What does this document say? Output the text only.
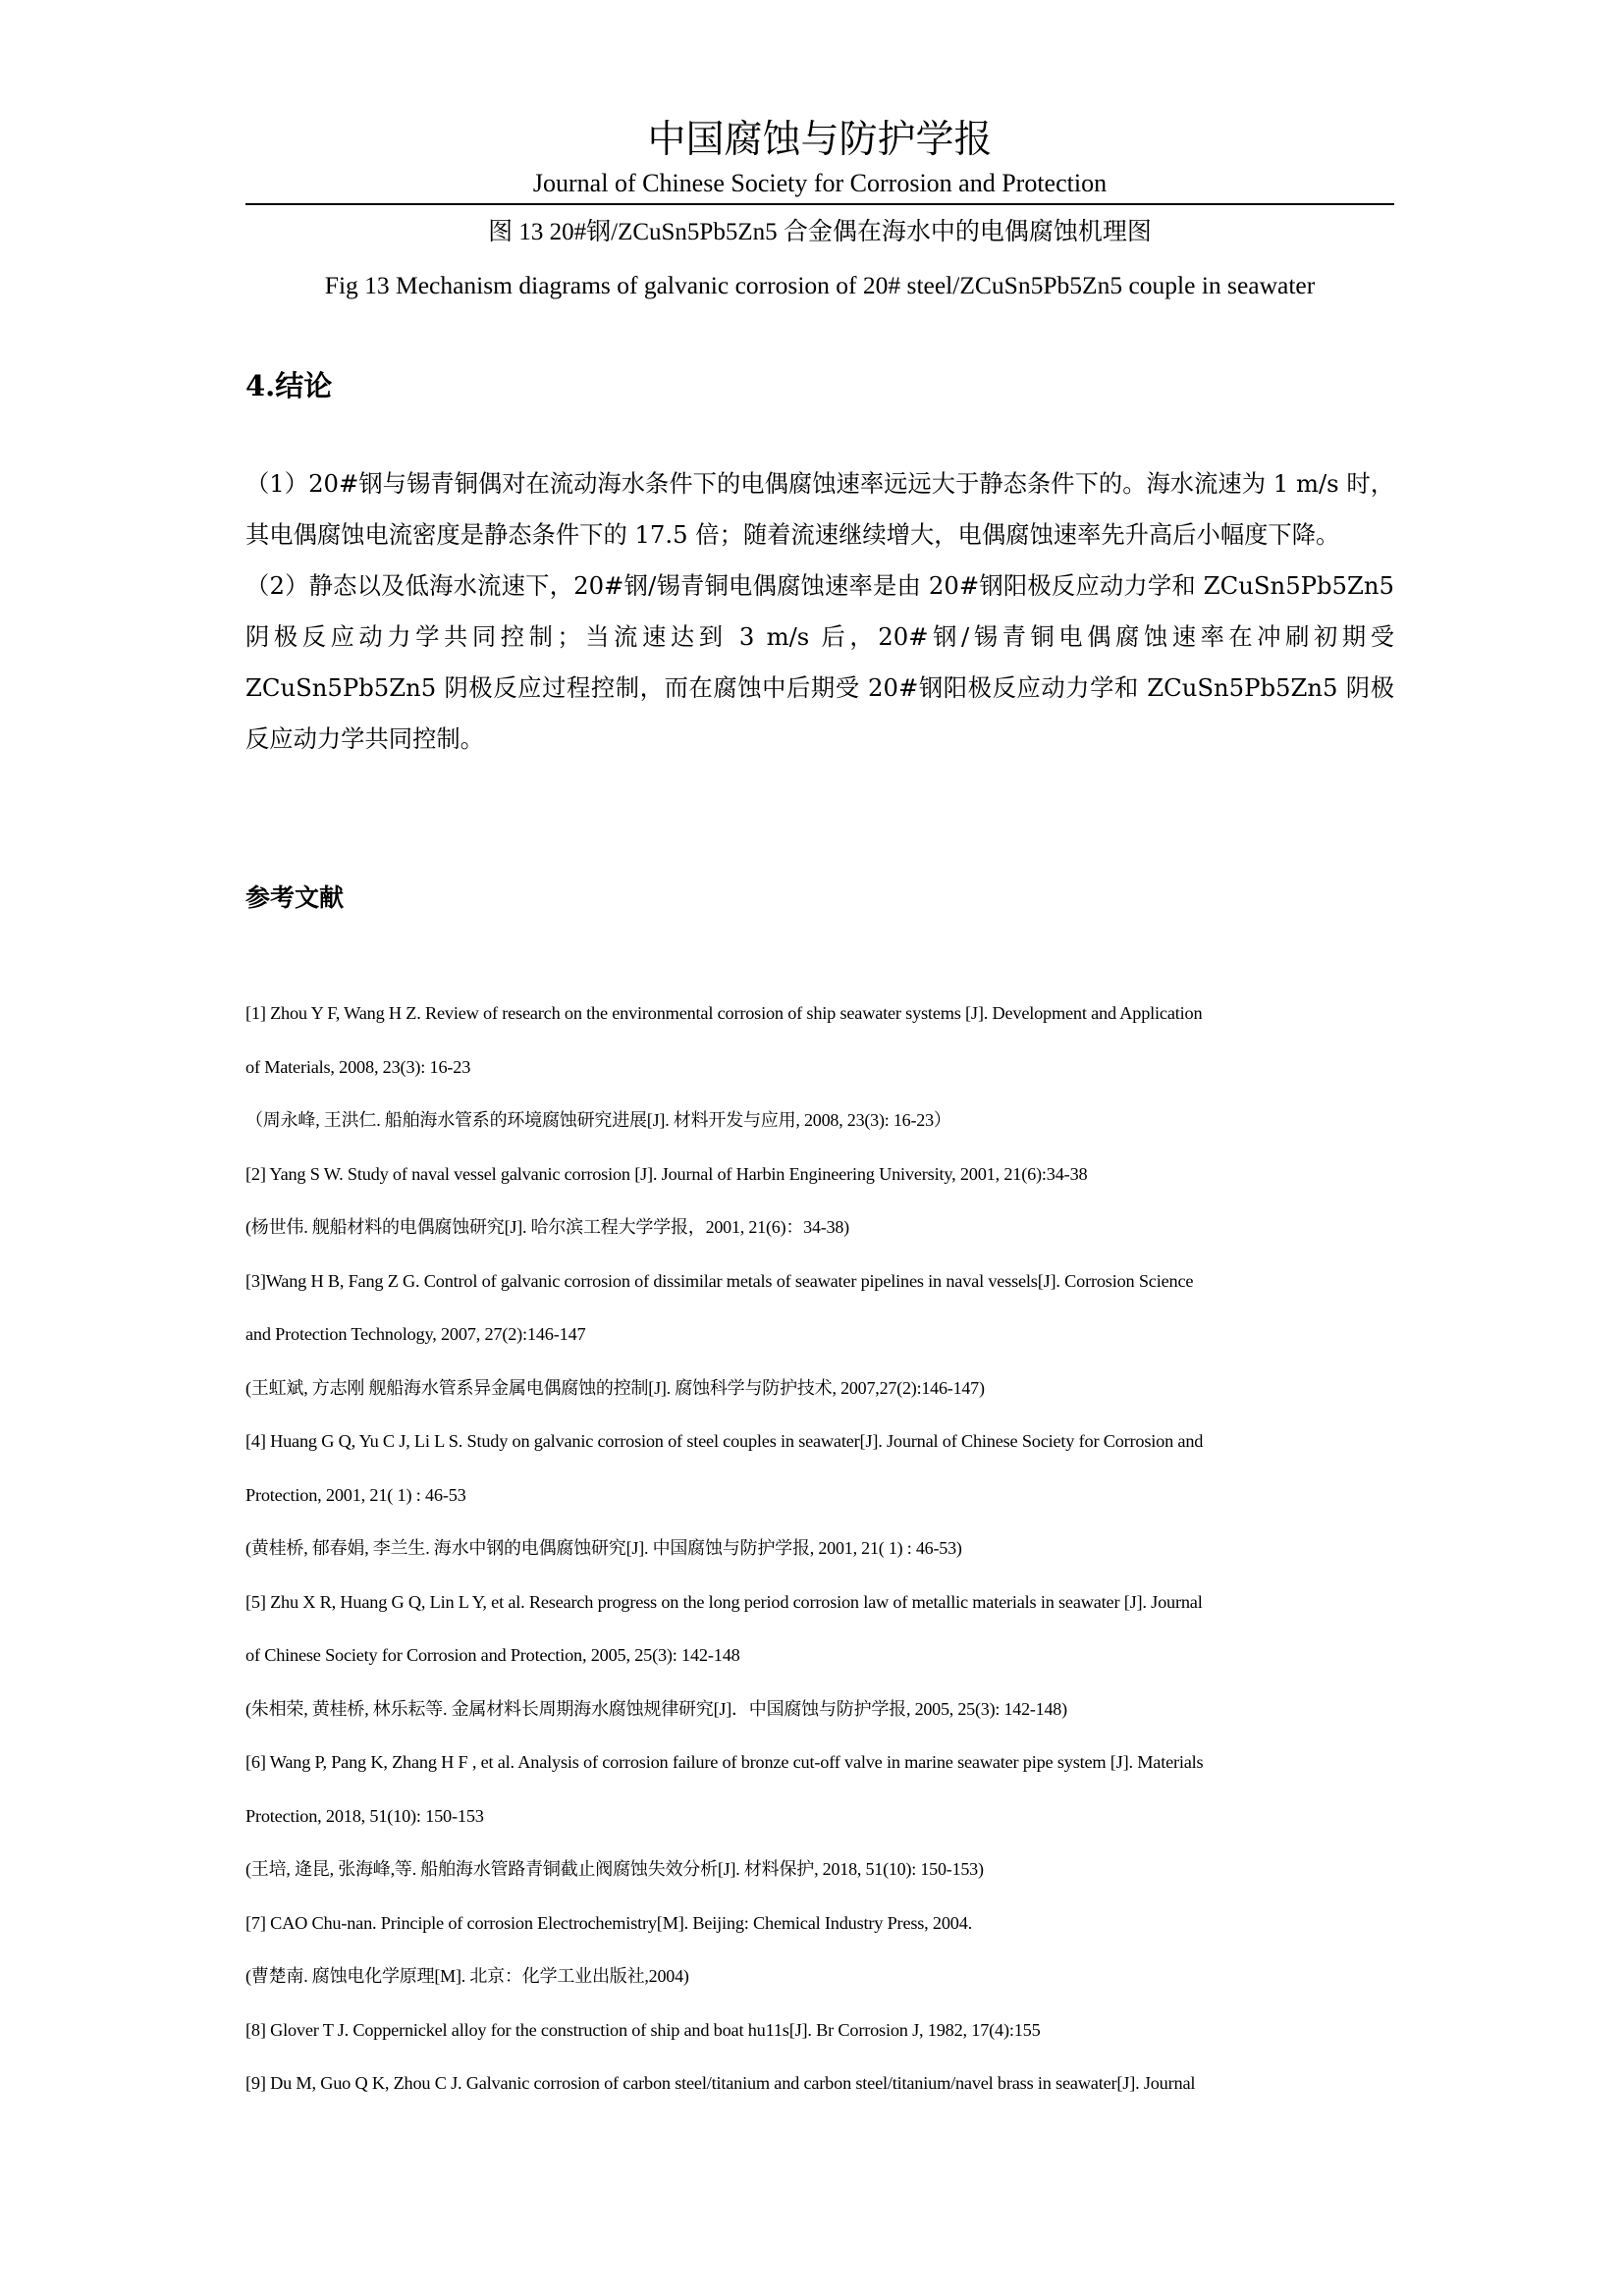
中国腐蚀与防护学报
Journal of Chinese Society for Corrosion and Protection
图 13 20#钢/ZCuSn5Pb5Zn5 合金偶在海水中的电偶腐蚀机理图
Fig 13 Mechanism diagrams of galvanic corrosion of 20# steel/ZCuSn5Pb5Zn5 couple in seawater
4.结论

（1）20#钢与锡青铜偶对在流动海水条件下的电偶腐蚀速率远远大于静态条件下的。海水流速为 1 m/s 时，其电偶腐蚀电流密度是静态条件下的 17.5 倍；随着流速继续增大，电偶腐蚀速率先升高后小幅度下降。

（2）静态以及低海水流速下，20#钢/锡青铜电偶腐蚀速率是由 20#钢阳极反应动力学和 ZCuSn5Pb5Zn5 阴极反应动力学共同控制；当流速达到 3 m/s 后，20#钢/锡青铜电偶腐蚀速率在冲刷初期受 ZCuSn5Pb5Zn5 阴极反应过程控制，而在腐蚀中后期受 20#钢阳极反应动力学和 ZCuSn5Pb5Zn5 阴极反应动力学共同控制。

参考文献

[1] Zhou Y F, Wang H Z. Review of research on the environmental corrosion of ship seawater systems [J]. Development and Application

of Materials, 2008, 23(3): 16-23

（周永峰, 王洪仁. 船舶海水管系的环境腐蚀研究进展[J]. 材料开发与应用, 2008, 23(3): 16-23）

[2] Yang S W. Study of naval vessel galvanic corrosion [J]. Journal of Harbin Engineering University, 2001, 21(6):34-38

(杨世伟. 舰船材料的电偶腐蚀研究[J]. 哈尔滨工程大学学报，2001, 21(6)：34-38)

[3]Wang H B, Fang Z G. Control of galvanic corrosion of dissimilar metals of seawater pipelines in naval vessels[J]. Corrosion Science

and Protection Technology, 2007, 27(2):146-147

(王虹斌, 方志刚 舰船海水管系异金属电偶腐蚀的控制[J]. 腐蚀科学与防护技术, 2007,27(2):146-147)

[4] Huang G Q, Yu C J, Li L S. Study on galvanic corrosion of steel couples in seawater[J]. Journal of Chinese Society for Corrosion and

Protection, 2001, 21( 1) : 46-53

(黄桂桥, 郁春娟, 李兰生. 海水中钢的电偶腐蚀研究[J]. 中国腐蚀与防护学报, 2001, 21( 1) : 46-53)

[5] Zhu X R, Huang G Q, Lin L Y, et al. Research progress on the long period corrosion law of metallic materials in seawater [J]. Journal

of Chinese Society for Corrosion and Protection, 2005, 25(3): 142-148

(朱相荣, 黄桂桥, 林乐耘等. 金属材料长周期海水腐蚀规律研究[J]．中国腐蚀与防护学报, 2005, 25(3): 142-148)

[6] Wang P, Pang K, Zhang H F , et al. Analysis of corrosion failure of bronze cut-off valve in marine seawater pipe system [J]. Materials

Protection, 2018, 51(10): 150-153

(王培, 逄昆, 张海峰,等. 船舶海水管路青铜截止阀腐蚀失效分析[J]. 材料保护, 2018, 51(10): 150-153)

[7] CAO Chu-nan. Principle of corrosion Electrochemistry[M]. Beijing: Chemical Industry Press, 2004.

(曹楚南. 腐蚀电化学原理[M]. 北京：化学工业出版社,2004)

[8] Glover T J. Coppernickel alloy for the construction of ship and boat hu11s[J]. Br Corrosion J, 1982, 17(4):155

[9] Du M, Guo Q K, Zhou C J. Galvanic corrosion of carbon steel/titanium and carbon steel/titanium/navel brass in seawater[J]. Journal
